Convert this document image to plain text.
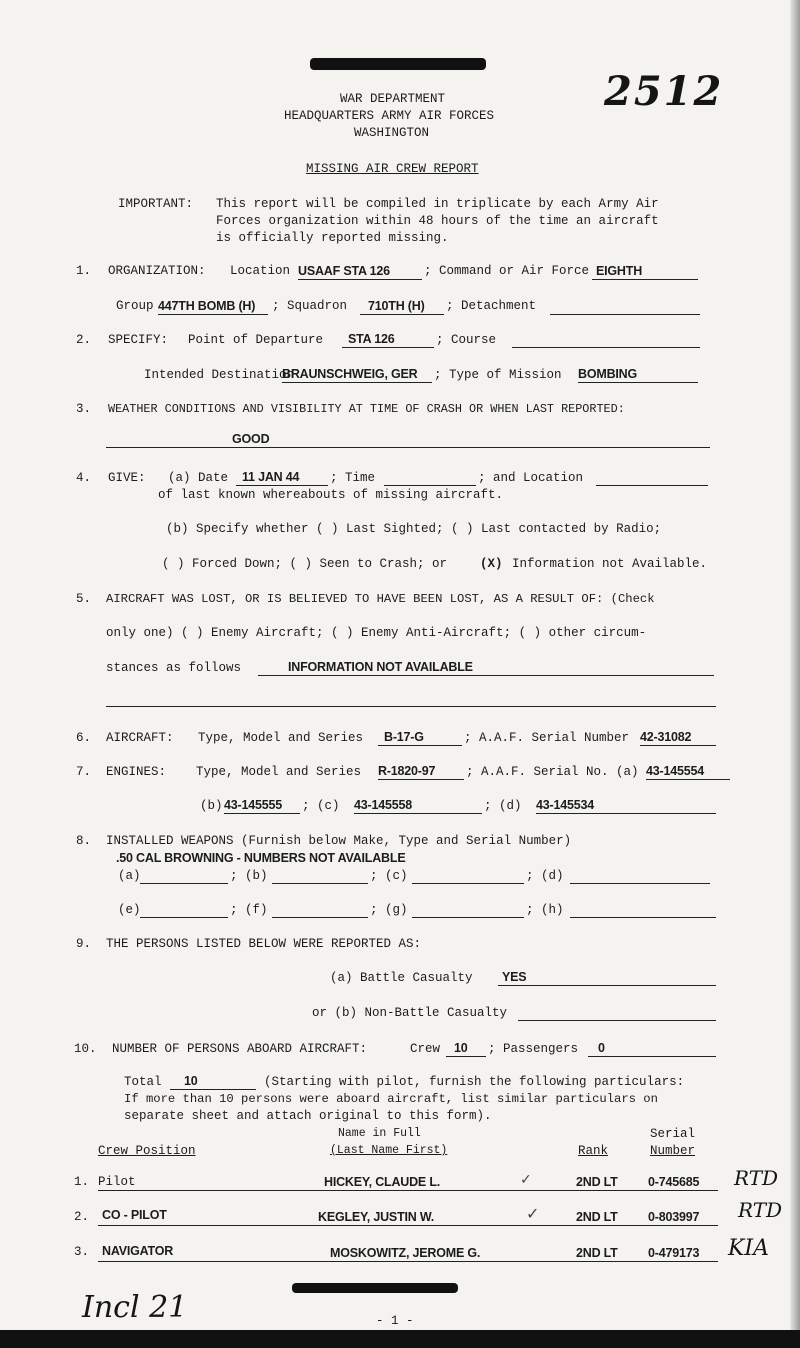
2512
Incl 21
WAR DEPARTMENT
HEADQUARTERS ARMY AIR FORCES
WASHINGTON
MISSING AIR CREW REPORT
IMPORTANT: This report will be compiled in triplicate by each Army Air
Forces organization within 48 hours of the time an aircraft
is officially reported missing.
1. ORGANIZATION: Location USAAF STA 126	; Command or Air Force EIGHTH
Group 447TH BOMB (H)	; Squadron	710TH (H)	; Detachment
2. SPECIFY: Point of Departure	STA 126	; Course
Intended Destination
BRAUNSCHWEIG, GER	; Type of Mission BOMBING
3. WEATHER CONDITIONS AND VISIBILITY AT TIME OF CRASH OR WHEN LAST REPORTED:
GOOD
4. GIVE: (a) Date	11 JAN 44	; Time	; and Location
of last known whereabouts of missing aircraft.
(b) Specify whether ( ) Last Sighted; ( ) Last contacted by Radio;
( ) Forced Down; ( ) Seen to Crash; or	(X) Information not Available.
5. AIRCRAFT WAS LOST, OR IS BELIEVED TO HAVE BEEN LOST, AS A RESULT OF: (Check
only one) ( ) Enemy Aircraft; ( ) Enemy Anti-Aircraft; ( ) other circum-
stances as follows	INFORMATION NOT AVAILABLE
6. AIRCRAFT: Type, Model and Series	B-17-G	; A.A.F. Serial Number 42-31082
7. ENGINES: Type, Model and Series R-1820-97	; A.A.F. Serial No. (a) 43-145554
(b) 43-145555	; (c) 43-145558	; (d) 43-145534
8. INSTALLED WEAPONS (Furnish below Make, Type and Serial Number)
.50 CAL BROWNING - NUMBERS NOT AVAILABLE
(a)	; (b)	; (c)	; (d)
(e)	; (f)	; (g)	; (h)
9. THE PERSONS LISTED BELOW WERE REPORTED AS:
(a) Battle Casualty	YES
or (b) Non-Battle Casualty
10. NUMBER OF PERSONS ABOARD AIRCRAFT:	Crew	10	; Passengers	0
Total	10	(Starting with pilot, furnish the following particulars:
If more than 10 persons were aboard aircraft, list similar particulars on
separate sheet and attach original to this form).
Crew Position
Name in Full
(Last Name First)	Rank
Serial
Number
1. Pilot	HICKEY, CLAUDE L.	✓	2ND LT 0-745685 RTD
2. CO - PILOT	KEGLEY, JUSTIN W.	✓	2ND LT 0-803997 RTD
3. NAVIGATOR	MOSKOWITZ, JEROME G.	2ND LT 0-479173 KIA
- 1 -
